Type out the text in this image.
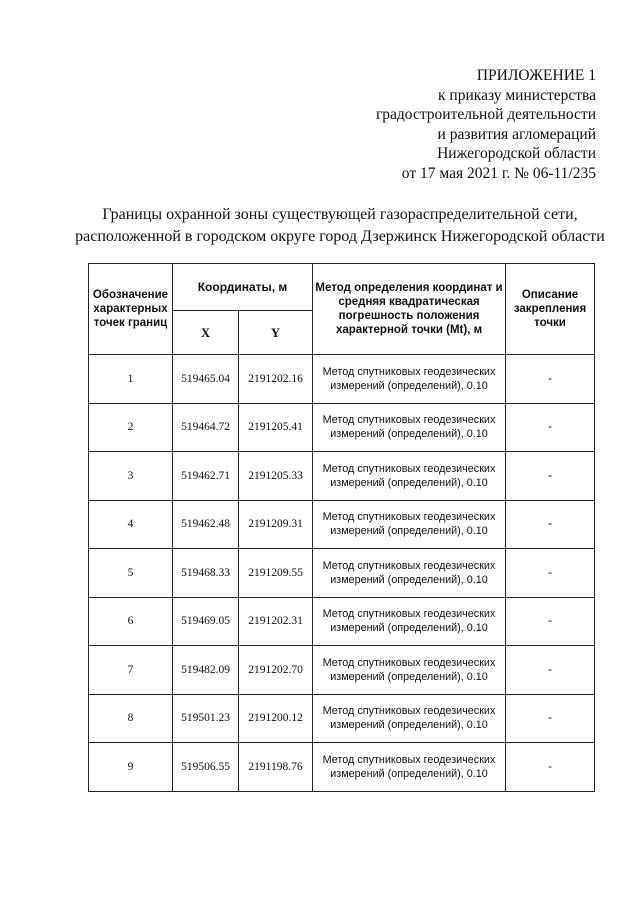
ПРИЛОЖЕНИЕ 1
к приказу министерства
градостроительной деятельности
и развития агломераций
Нижегородской области
от 17 мая 2021 г. № 06-11/235
Границы охранной зоны существующей газораспределительной сети,
расположенной в городском округе город Дзержинск Нижегородской области
Обозначение характерных точек границ	Координаты, м		Метод определения координат и средняя квадратическая погрешность положения характерной точки (Mt), м	Описание закрепления точки
	X	Y		
1	519465.04	2191202.16	Метод спутниковых геодезических измерений (определений), 0.10	-
2	519464.72	2191205.41	Метод спутниковых геодезических измерений (определений), 0.10	-
3	519462.71	2191205.33	Метод спутниковых геодезических измерений (определений), 0.10	-
4	519462.48	2191209.31	Метод спутниковых геодезических измерений (определений), 0.10	-
5	519468.33	2191209.55	Метод спутниковых геодезических измерений (определений), 0.10	-
6	519469.05	2191202.31	Метод спутниковых геодезических измерений (определений), 0.10	-
7	519482.09	2191202.70	Метод спутниковых геодезических измерений (определений), 0.10	-
8	519501.23	2191200.12	Метод спутниковых геодезических измерений (определений), 0.10	-
9	519506.55	2191198.76	Метод спутниковых геодезических измерений (определений), 0.10	-
